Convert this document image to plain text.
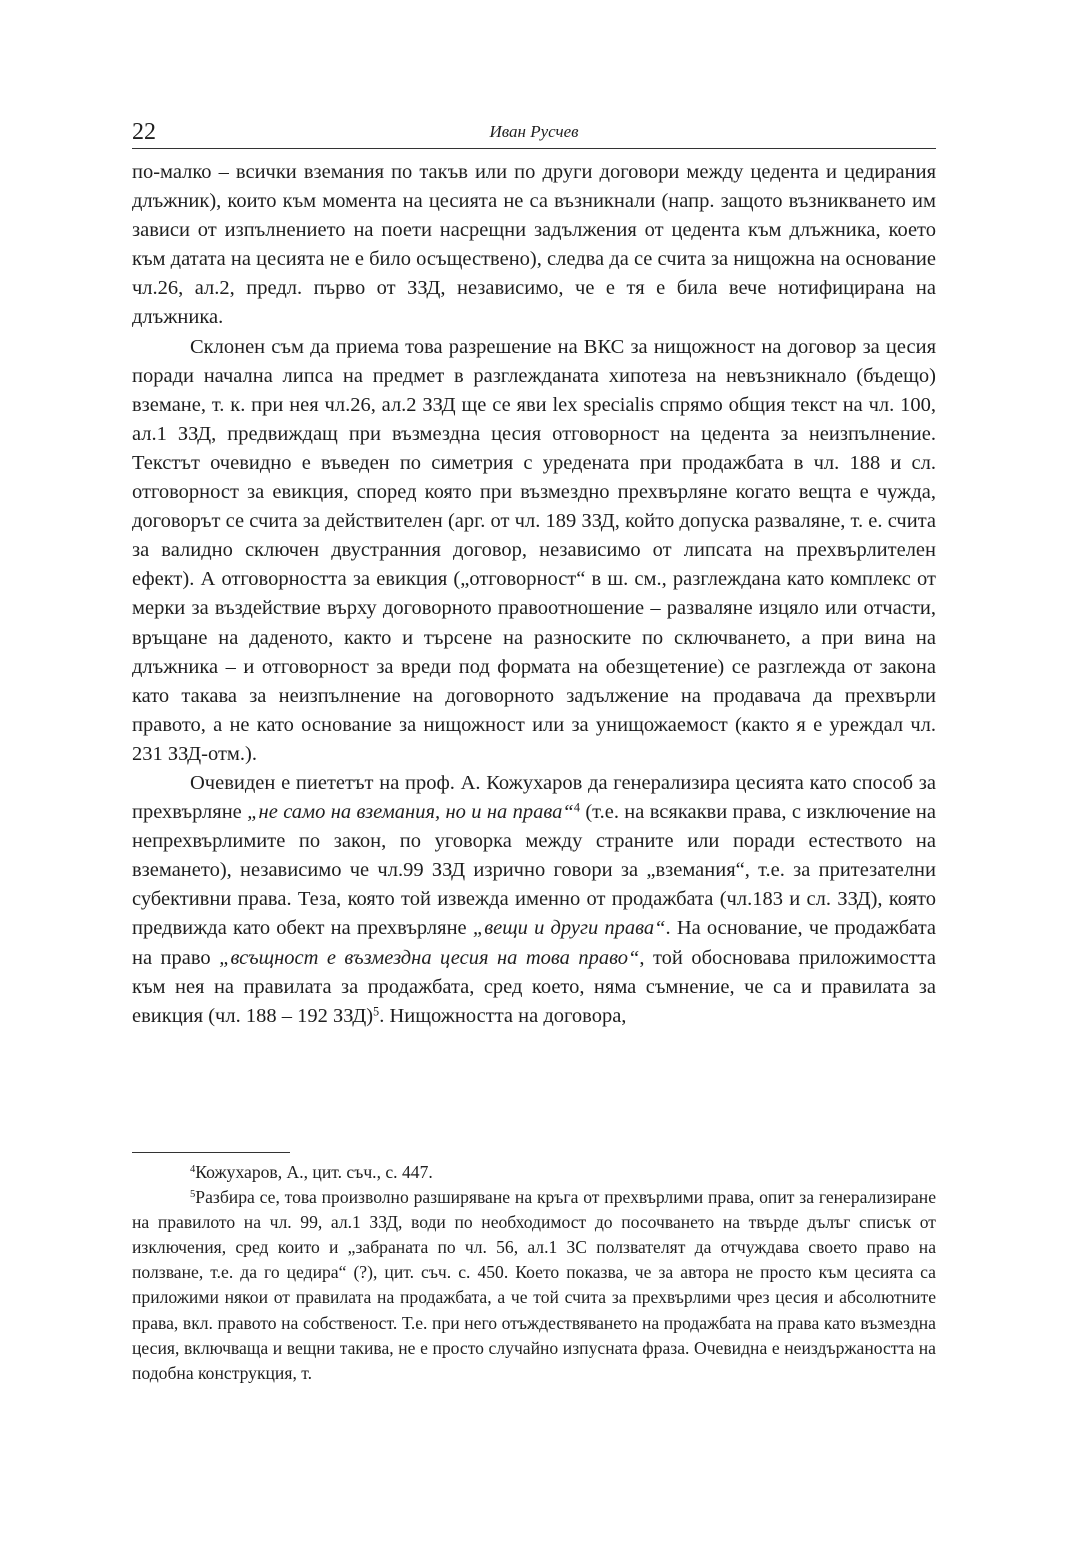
22	Иван Русчев

по-малко – всички вземания по такъв или по други договори между цедента и цедирания длъжник), които към момента на цесията не са възникнали (напр. защото възникването им зависи от изпълнението на поети насрещни задължения от цедента към длъжника, което към датата на цесията не е било осъществено), следва да се счита за нищожна на основание чл.26, ал.2, предл. първо от ЗЗД, независимо, че е тя е била вече нотифицирана на длъжника.

Склонен съм да приема това разрешение на ВКС за нищожност на договор за цесия поради начална липса на предмет в разглежданата хипотеза на невъзникнало (бъдещо) вземане, т. к. при нея чл.26, ал.2 ЗЗД ще се яви lex specialis спрямо общия текст на чл. 100, ал.1 ЗЗД, предвиждащ при възмездна цесия отговорност на цедента за неизпълнение. Текстът очевидно е въведен по симетрия с уредената при продажбата в чл. 188 и сл. отговорност за евикция, според която при възмездно прехвърляне когато вещта е чужда, договорът се счита за действителен (арг. от чл. 189 ЗЗД, който допуска разваляне, т. е. счита за валидно сключен двустранния договор, независимо от липсата на прехвърлителен ефект). А отговорността за евикция („отговорност“ в ш. см., разглеждана като комплекс от мерки за въздействие върху договорното правоотношение – разваляне изцяло или отчасти, връщане на даденото, както и търсене на разноските по сключването, а при вина на длъжника – и отговорност за вреди под формата на обезщетение) се разглежда от закона като такава за неизпълнение на договорното задължение на продавача да прехвърли правото, а не като основание за нищожност или за унищожаемост (както я е уреждал чл. 231 ЗЗД-отм.).

Очевиден е пиететът на проф. А. Кожухаров да генерализира цесията като способ за прехвърляне „не само на вземания, но и на права“$^4$ (т.е. на всякакви права, с изключение на непрехвърлимите по закон, по уговорка между страните или поради естеството на вземането), независимо че чл.99 ЗЗД изрично говори за „вземания“, т.е. за притезателни субективни права. Теза, която той извежда именно от продажбата (чл.183 и сл. ЗЗД), която предвижда като обект на прехвърляне „вещи и други права“. На основание, че продажбата на право „всъщност е възмездна цесия на това право“, той обосновава приложимостта към нея на правилата за продажбата, сред което, няма съмнение, че са и правилата за евикция (чл. 188 – 192 ЗЗД)$^5$. Нищожността на договора,

$^4$Кожухаров, А., цит. съч., с. 447.

$^5$Разбира се, това произволно разширяване на кръга от прехвърлими права, опит за генерализиране на правилото на чл. 99, ал.1 ЗЗД, води по необходимост до посочването на твърде дълъг списък от изключения, сред които и „забраната по чл. 56, ал.1 ЗС ползвателят да отчуждава своето право на ползване, т.е. да го цедира“ (?), цит. съч. с. 450. Което показва, че за автора не просто към цесията са приложими някои от правилата на продажбата, а че той счита за прехвърлими чрез цесия и абсолютните права, вкл. правото на собственост. Т.е. при него отъждествяването на продажбата на права като възмездна цесия, включваща и вещни такива, не е просто случайно изпусната фраза. Очевидна е неиздържаността на подобна конструкция, т.
